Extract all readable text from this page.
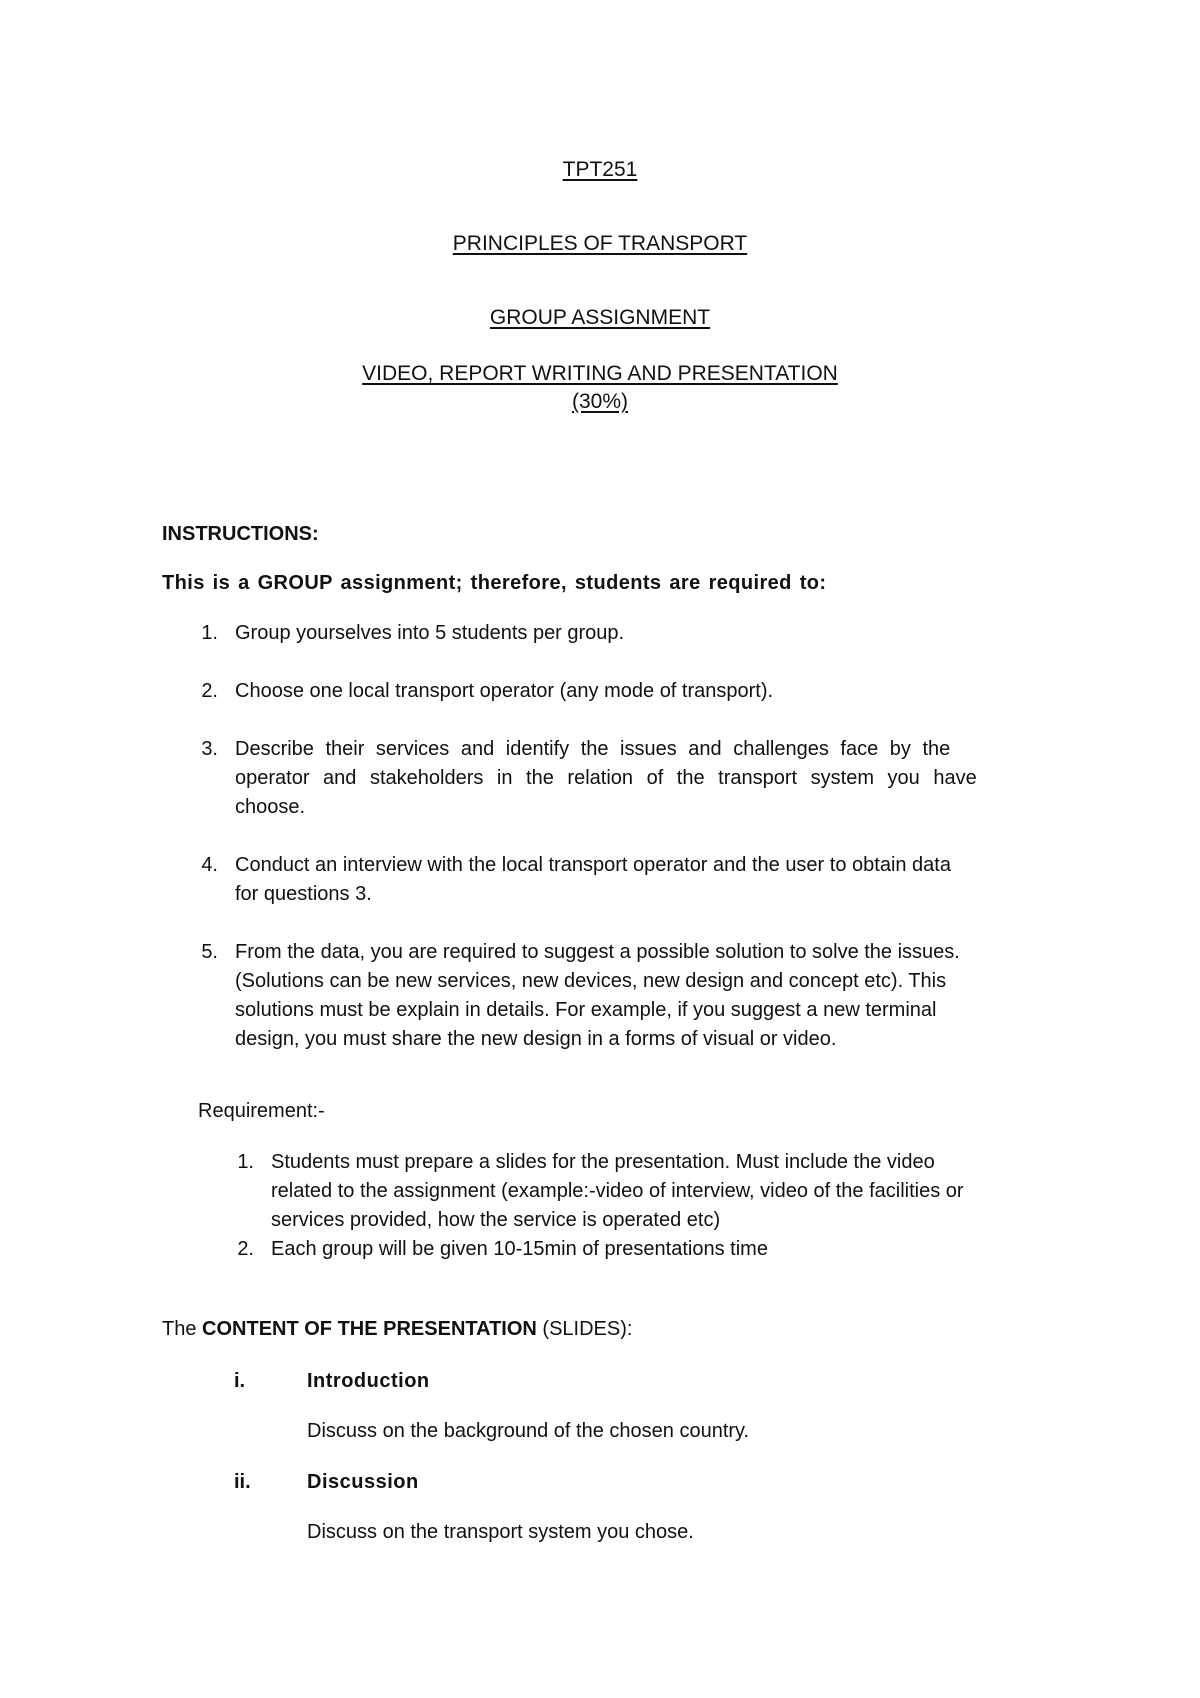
TPT251
PRINCIPLES OF TRANSPORT
GROUP ASSIGNMENT
VIDEO, REPORT WRITING AND PRESENTATION
(30%)
INSTRUCTIONS:
This is a GROUP assignment; therefore, students are required to:
1. Group yourselves into 5 students per group.
2. Choose one local transport operator (any mode of transport).
3. Describe their services and identify the issues and challenges face by the
operator and stakeholders in the relation of the transport system you have
choose.
4. Conduct an interview with the local transport operator and the user to obtain data
for questions 3.
5. From the data, you are required to suggest a possible solution to solve the issues.
(Solutions can be new services, new devices, new design and concept etc). This
solutions must be explain in details. For example, if you suggest a new terminal
design, you must share the new design in a forms of visual or video.
Requirement:-
1. Students must prepare a slides for the presentation. Must include the video
related to the assignment (example:-video of interview, video of the facilities or
services provided, how the service is operated etc)
2. Each group will be given 10-15min of presentations time
The CONTENT OF THE PRESENTATION (SLIDES):
i.	Introduction
Discuss on the background of the chosen country.
ii.	Discussion
Discuss on the transport system you chose.
